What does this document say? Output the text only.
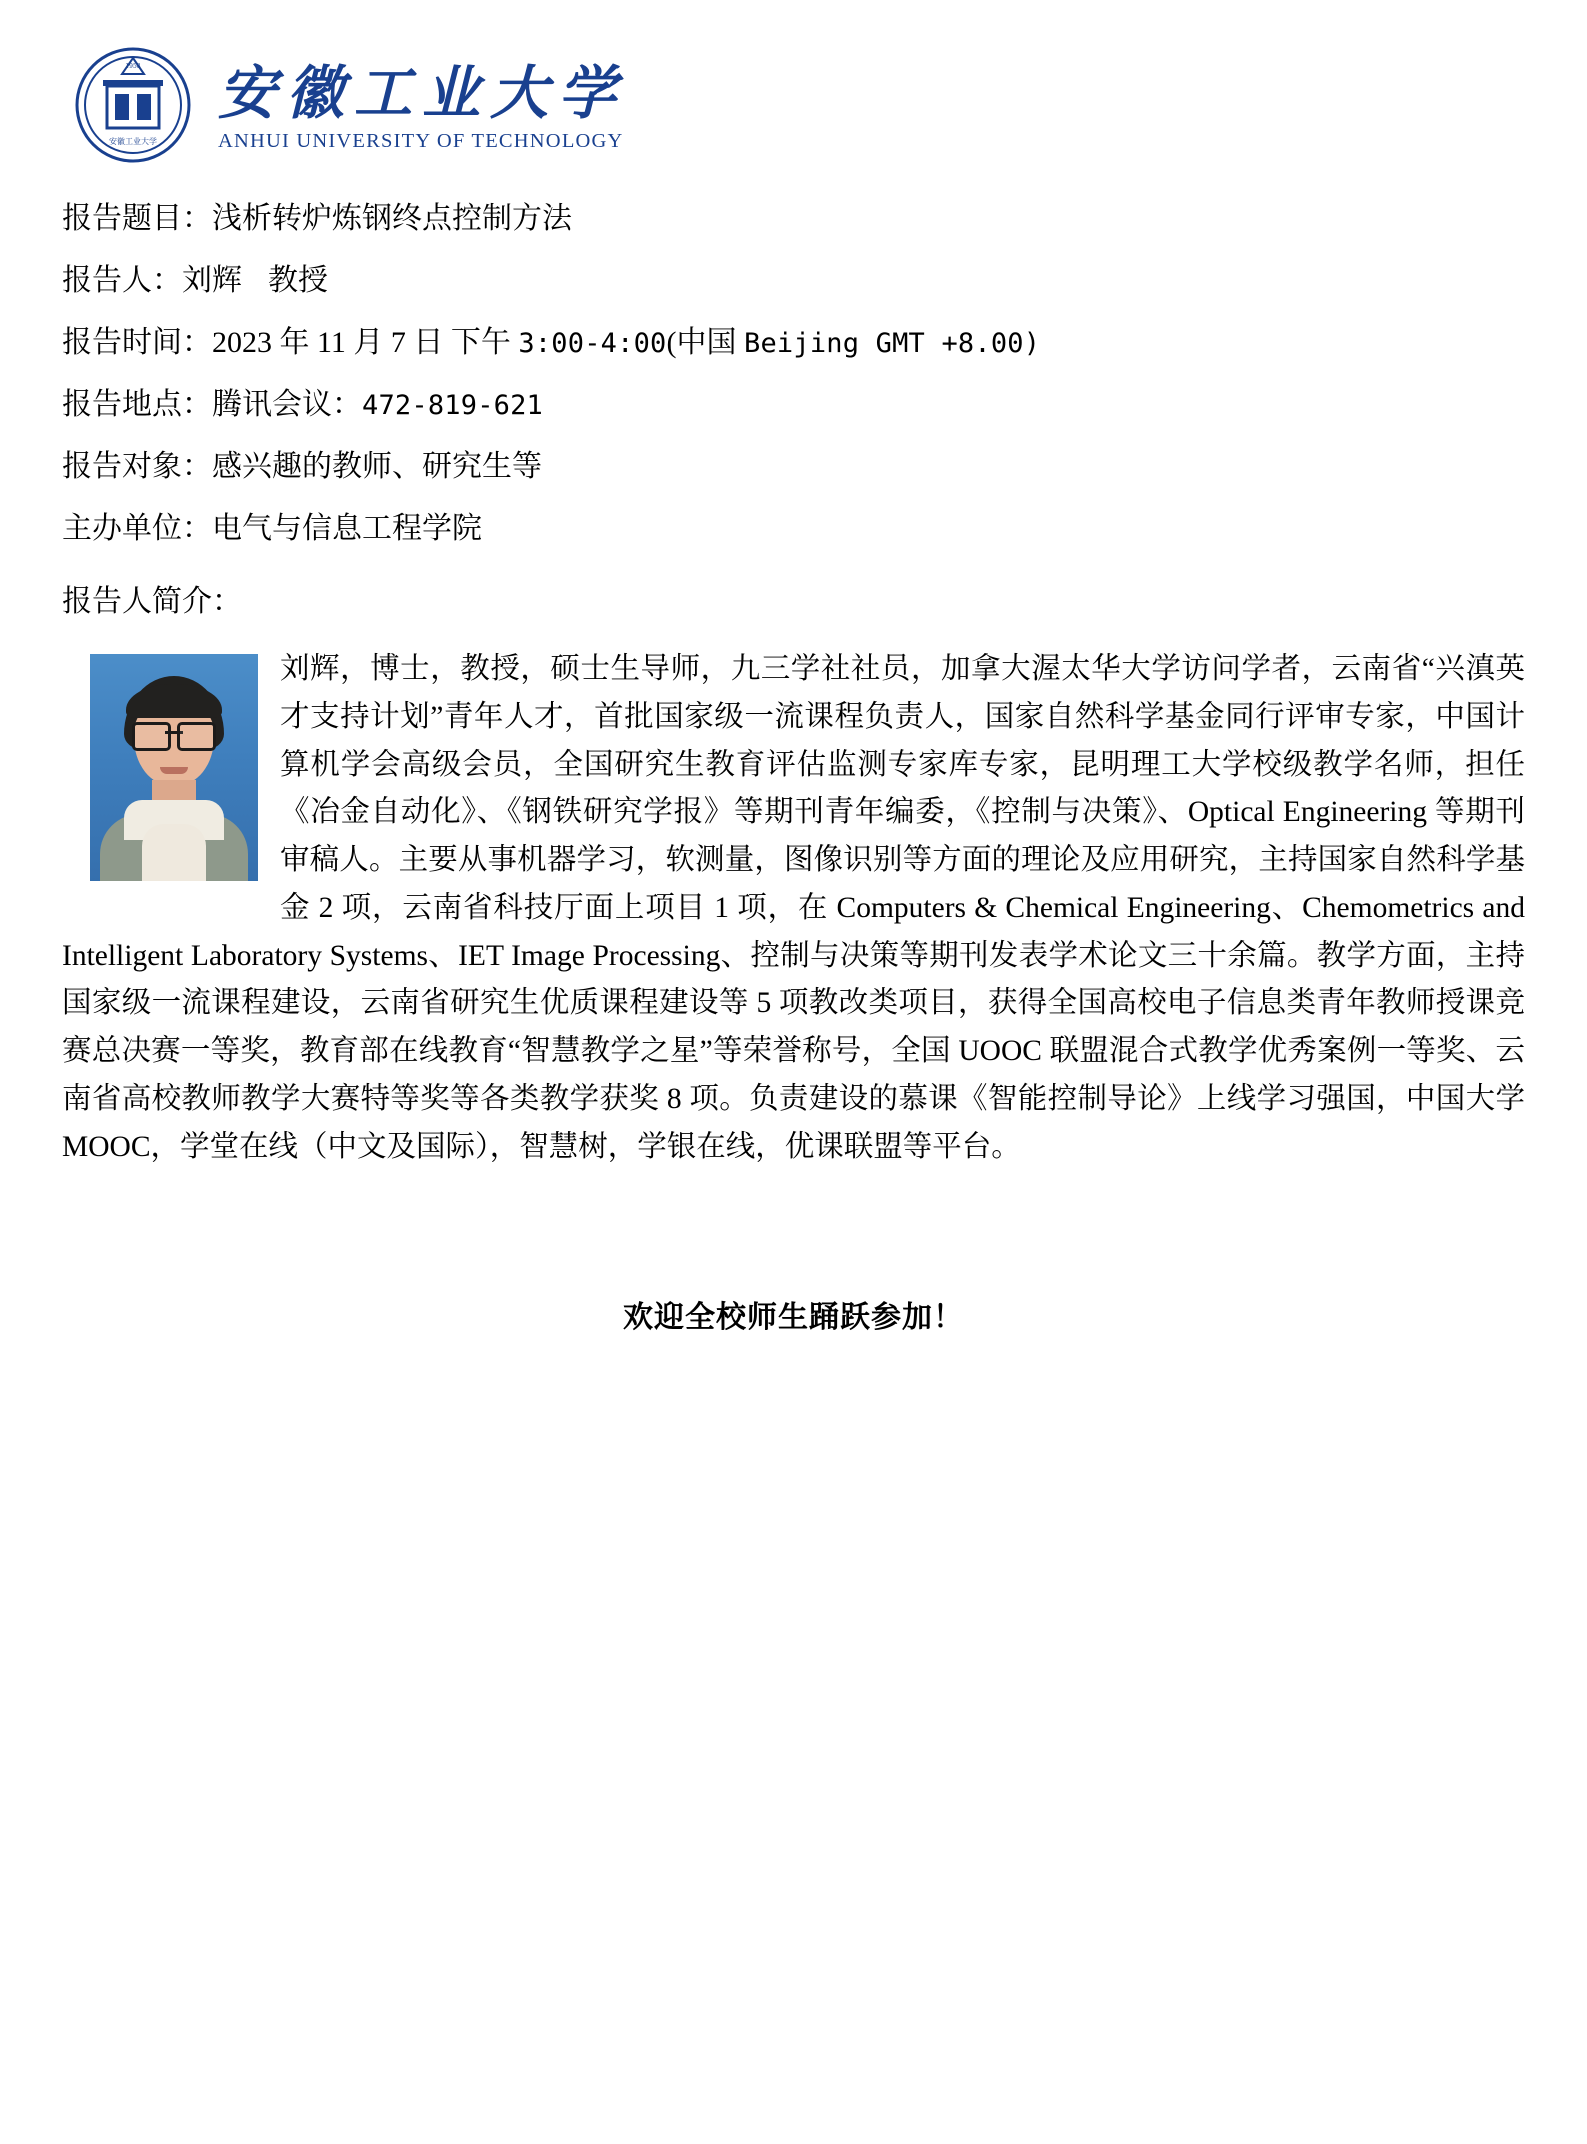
安徽工业大学
1958 安徽工业大学
ANHUI UNIVERSITY OF TECHNOLOGY
报告题目：浅析转炉炼钢终点控制方法
报告人：刘辉 教授
报告时间：2023 年 11 月 7 日 下午 3:00-4:00(中国 Beijing GMT +8.00)
报告地点：腾讯会议：472-819-621
报告对象：感兴趣的教师、研究生等
主办单位：电气与信息工程学院
报告人简介：
刘辉，博士，教授，硕士生导师，九三学社社员，加拿大渥太华大学访问学者，云南省“兴滇英才支持计划”青年人才，首批国家级一流课程负责人，国家自然科学基金同行评审专家，中国计算机学会高级会员，全国研究生教育评估监测专家库专家，昆明理工大学校级教学名师，担任《冶金自动化》、《钢铁研究学报》等期刊青年编委，《控制与决策》、Optical Engineering 等期刊审稿人。主要从事机器学习，软测量，图像识别等方面的理论及应用研究，主持国家自然科学基金 2 项，云南省科技厅面上项目 1 项，在 Computers & Chemical Engineering、Chemometrics and Intelligent Laboratory Systems、IET Image Processing、控制与决策等期刊发表学术论文三十余篇。教学方面，主持国家级一流课程建设，云南省研究生优质课程建设等 5 项教改类项目，获得全国高校电子信息类青年教师授课竞赛总决赛一等奖，教育部在线教育“智慧教学之星”等荣誉称号，全国 UOOC 联盟混合式教学优秀案例一等奖、云南省高校教师教学大赛特等奖等各类教学获奖 8 项。负责建设的慕课《智能控制导论》上线学习强国，中国大学 MOOC，学堂在线（中文及国际），智慧树，学银在线，优课联盟等平台。
欢迎全校师生踊跃参加！
